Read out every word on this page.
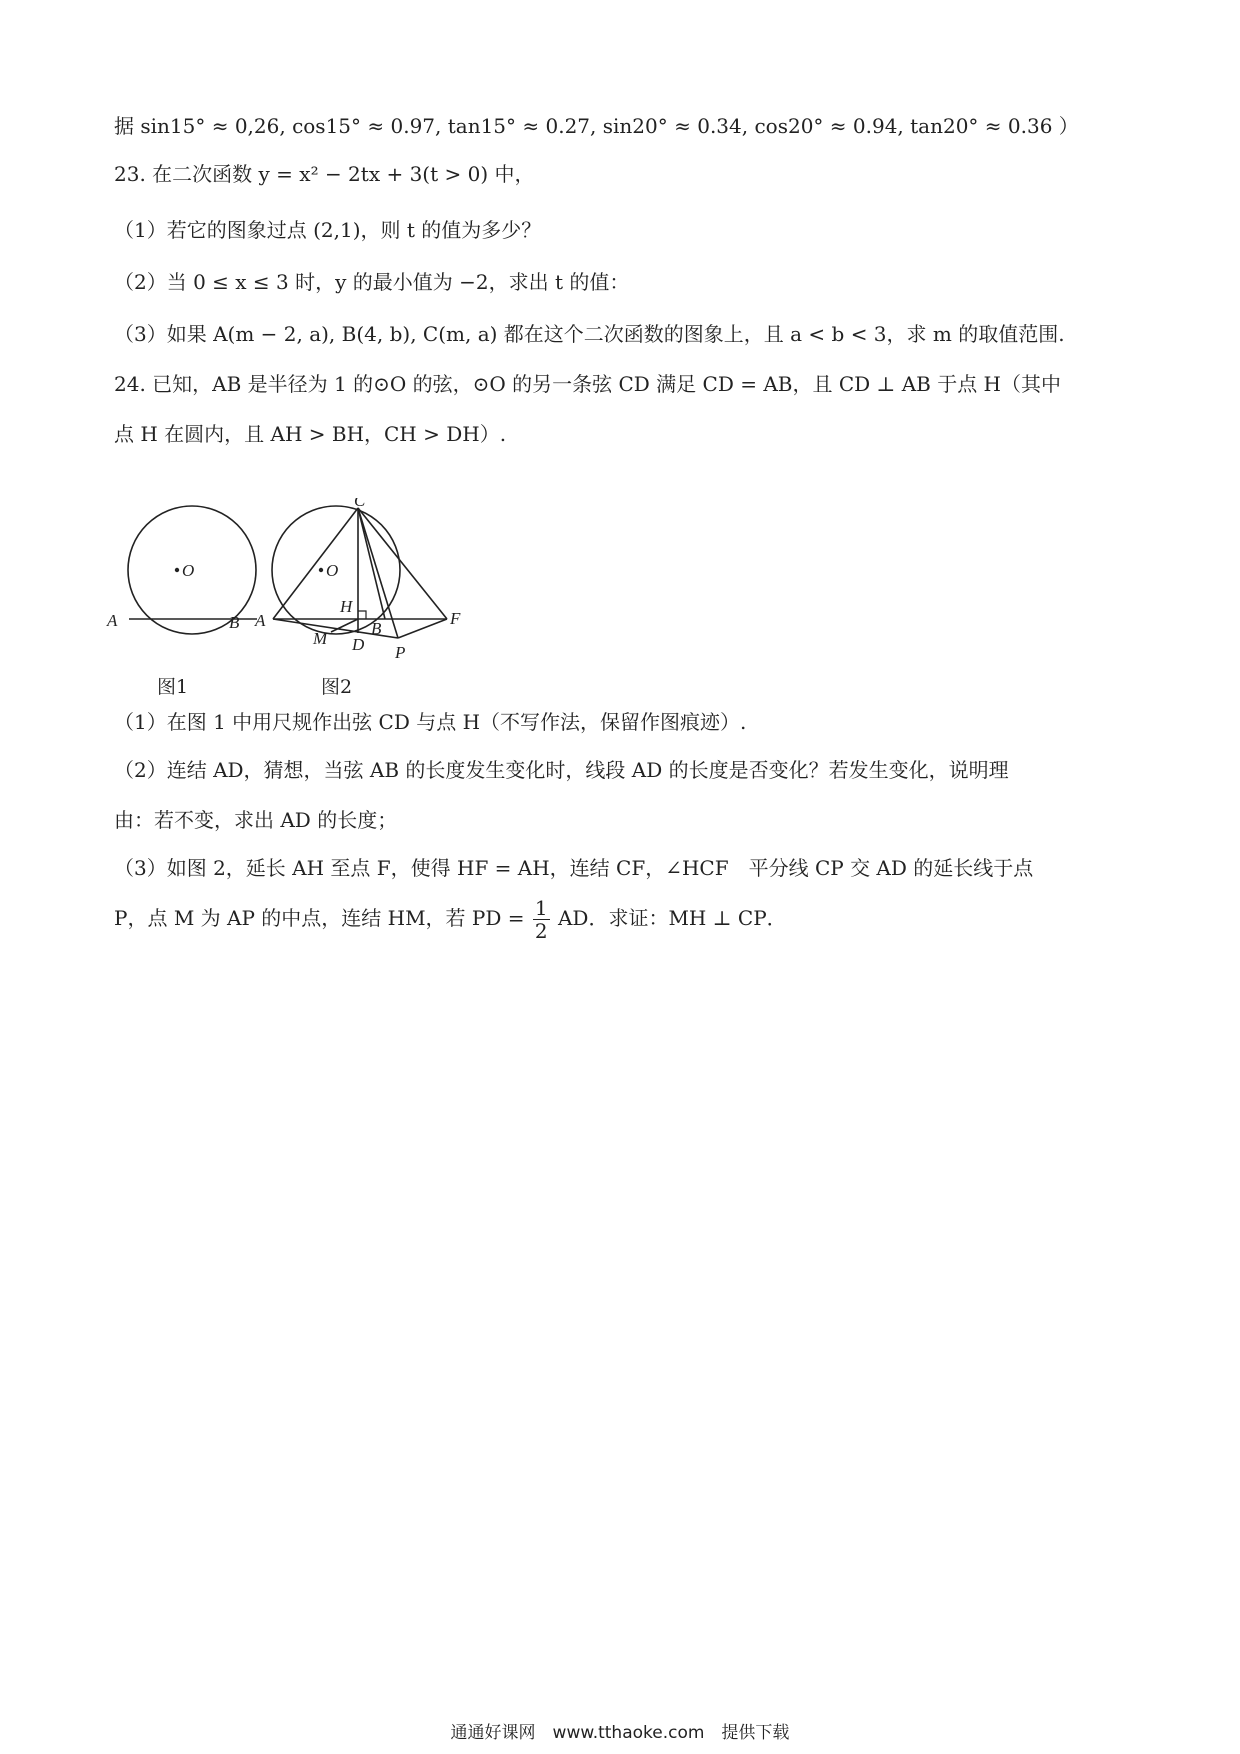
据 sin15° ≈ 0,26, cos15° ≈ 0.97, tan15° ≈ 0.27, sin20° ≈ 0.34, cos20° ≈ 0.94, tan20° ≈ 0.36 ）
23. 在二次函数 y = x² − 2tx + 3(t > 0) 中，
（1）若它的图象过点 (2,1)，则 t 的值为多少？
（2）当 0 ≤ x ≤ 3 时，y 的最小值为 −2，求出 t 的值：
（3）如果 A(m − 2, a), B(4, b), C(m, a) 都在这个二次函数的图象上，且 a < b < 3，求 m 的取值范围.
24. 已知，AB 是半径为 1 的⊙O 的弦，⊙O 的另一条弦 CD 满足 CD = AB，且 CD ⊥ AB 于点 H（其中
点 H 在圆内，且 AH > BH，CH > DH）.
O
A	B
O
A
C
H
B
D
M
F
P
图1	图2
（1）在图 1 中用尺规作出弦 CD 与点 H（不写作法，保留作图痕迹）.
（2）连结 AD，猜想，当弦 AB 的长度发生变化时，线段 AD 的长度是否变化？若发生变化，说明理
由：若不变，求出 AD 的长度；
（3）如图 2，延长 AH 至点 F，使得 HF = AH，连结 CF，∠HCF　平分线 CP 交 AD 的延长线于点
P，点 M 为 AP 的中点，连结 HM，若 PD = $\frac{1}{2}$ AD．求证：MH ⊥ CP．
通通好课网　www.tthaoke.com　提供下载
